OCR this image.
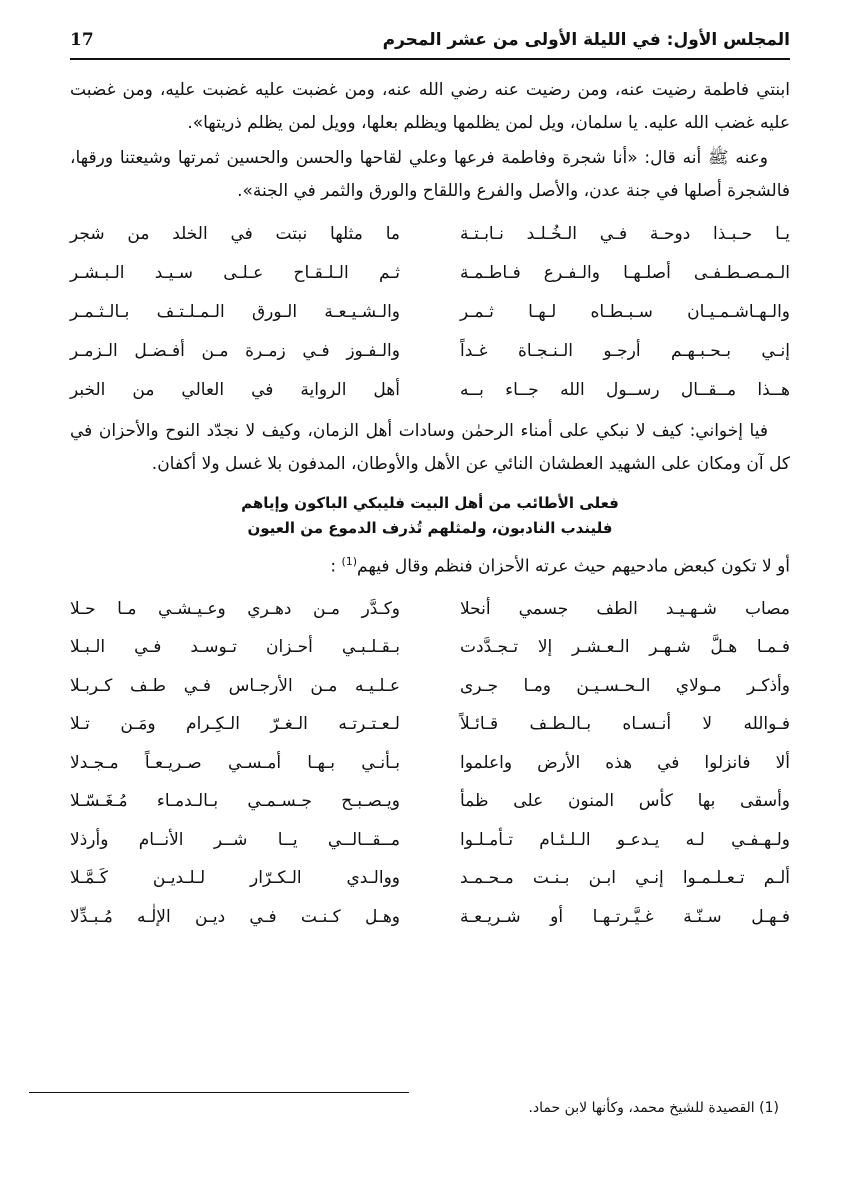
المجلس الأول: في الليلة الأولى من عشر المحرم
17

ابنتي فاطمة رضيت عنه، ومن رضيت عنه رضي الله عنه، ومن غضبت عليه غضبت عليه، ومن غضبت عليه غضب الله عليه. يا سلمان، ويل لمن يظلمها ويظلم بعلها، وويل لمن يظلم ذريتها».

وعنه ﷺ أنه قال: «أنا شجرة وفاطمة فرعها وعلي لقاحها والحسن والحسين ثمرتها وشيعتنا ورقها، فالشجرة أصلها في جنة عدن، والأصل والفرع واللقاح والورق والثمر في الجنة».

يـا حـبـذا دوحـة فـي الـخُـلـد نـابـتـة
ما مثلها نبتت في الخلد من شجر
الـمـصـطـفـى أصلـهـا والـفـرع فـاطـمـة
ثـم الـلـقـاح عـلـى سـيـد الـبـشـر
والـهـاشـمـيـان سـبـطـاه لـهـا ثـمـر
والـشـيـعـة الـورق الـمـلـتـف بـالـثـمـر
إنـي بـحـبـهـم أرجـو الـنـجـاة غـداً
والـفـوز فـي زمـرة مـن أفـضـل الـزمـر
هــذا مــقــال رســول الله جــاء بــه
أهل الرواية في العالي من الخبر

فيا إخواني: كيف لا نبكي على أمناء الرحمٰن وسادات أهل الزمان، وكيف لا نجدّد النوح والأحزان في كل آن ومكان على الشهيد العطشان النائي عن الأهل والأوطان، المدفون بلا غسل ولا أكفان.

فعلى الأطائب من أهل البيت فليبكي الباكون وإياهم

فليندب النادبون، ولمثلهم تُذرف الدموع من العيون

أو لا تكون كبعض مادحيهم حيث عرته الأحزان فنظم وقال فيهم$^{(1)}$ :

مصاب شـهـيـد الطف جسمي أنحلا
وكـدَّر مـن دهـري وعـيـشـي مـا حـلا
فـمـا هـلَّ شـهـر الـعـشـر إلا تـجـدَّدت
بـقـلـبـي أحـزان تـوسـد فـي الـبـلا
وأذكـر مـولاي الـحـسـيـن ومـا جـرى
عـلـيـه مـن الأرجـاس فـي طـف كـربـلا
فـوالله لا أنـسـاه بـالـطـف قـائـلاً
لـعـتـرتـه الـغـرّ الـكِـرام ومَـن تـلا
ألا فانزلوا في هذه الأرض واعلموا
بـأنـي بـهـا أمـسـي صـريـعـاً مـجـدلا
وأسقى بها كأس المنون على ظمأ
ويـصـبـح جـسـمـي بـالـدمـاء مُـغَـسّـلا
ولـهـفـي لـه يـدعـو الـلـئـام تـأمـلـوا
مــقــالــي يــا شــر الأنــام وأرذلا
ألـم تـعـلـمـوا إنـي ابـن بـنـت مـحـمـد
ووالـدي الـكـرّار لـلـديـن كَـمَّـلا
فـهـل سـنّـة غـيَّـرتـهـا أو شـريـعـة
وهـل كـنـت فـي ديـن الإلٰـه مُـبـدِّلا
(1) القصيدة للشيخ محمد، وكأنها لابن حماد.
